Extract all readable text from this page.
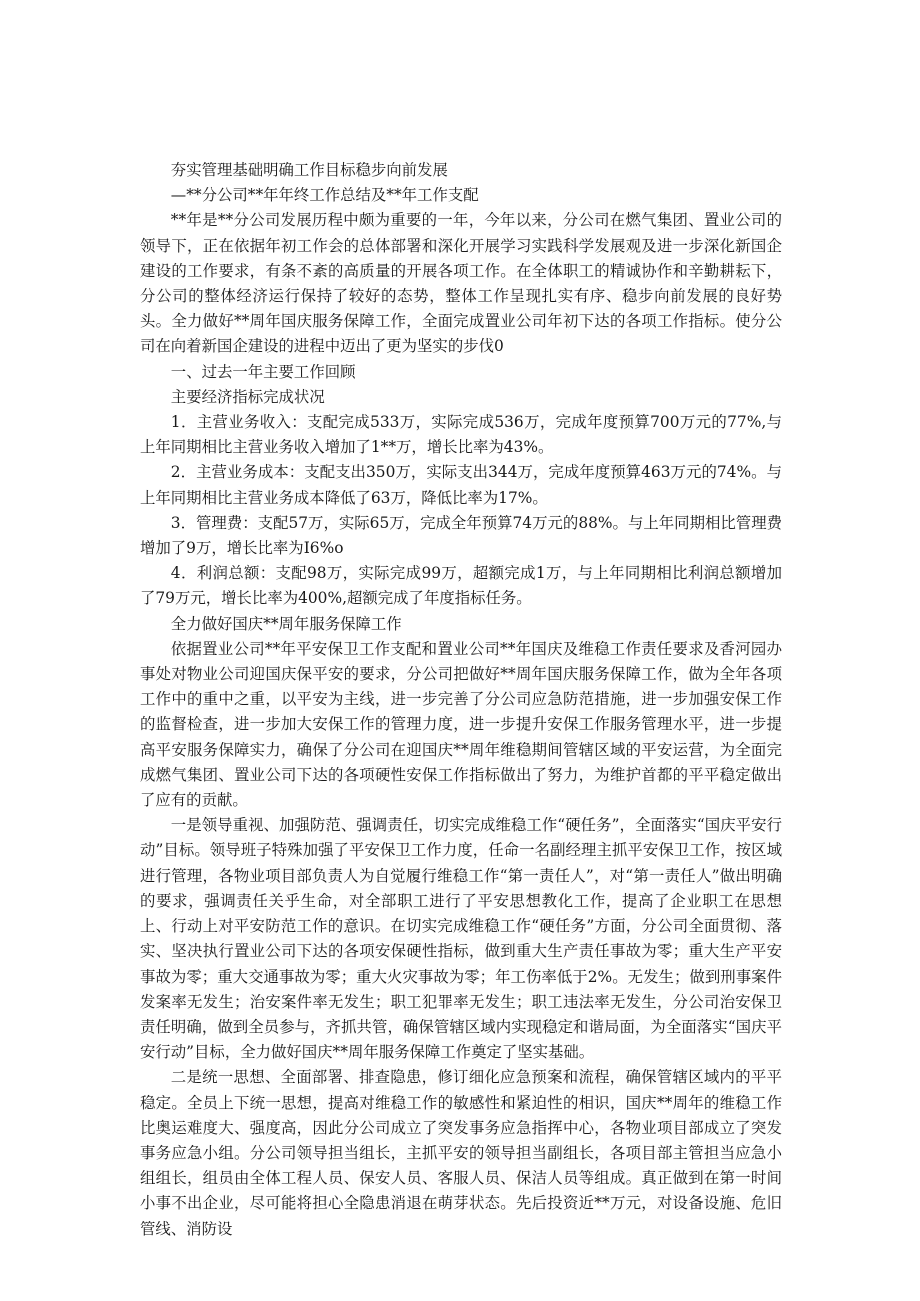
夯实管理基础明确工作目标稳步向前发展

—**分公司**年年终工作总结及**年工作支配

**年是**分公司发展历程中颇为重要的一年，今年以来，分公司在燃气集团、置业公司的领导下，正在依据年初工作会的总体部署和深化开展学习实践科学发展观及进一步深化新国企建设的工作要求，有条不紊的高质量的开展各项工作。在全体职工的精诚协作和辛勤耕耘下，分公司的整体经济运行保持了较好的态势，整体工作呈现扎实有序、稳步向前发展的良好势头。全力做好**周年国庆服务保障工作，全面完成置业公司年初下达的各项工作指标。使分公司在向着新国企建设的进程中迈出了更为坚实的步伐0

一、过去一年主要工作回顾

主要经济指标完成状况

1．主营业务收入：支配完成533万，实际完成536万，完成年度预算700万元的77%,与上年同期相比主营业务收入增加了1**万，增长比率为43%。

2．主营业务成本：支配支出350万，实际支出344万，完成年度预算463万元的74%。与上年同期相比主营业务成本降低了63万，降低比率为17%。

3．管理费：支配57万，实际65万，完成全年预算74万元的88%。与上年同期相比管理费增加了9万，增长比率为I6%o

4．利润总额：支配98万，实际完成99万，超额完成1万，与上年同期相比利润总额增加了79万元，增长比率为400%,超额完成了年度指标任务。

全力做好国庆**周年服务保障工作

依据置业公司**年平安保卫工作支配和置业公司**年国庆及维稳工作责任要求及香河园办事处对物业公司迎国庆保平安的要求，分公司把做好**周年国庆服务保障工作，做为全年各项工作中的重中之重，以平安为主线，进一步完善了分公司应急防范措施，进一步加强安保工作的监督检查，进一步加大安保工作的管理力度，进一步提升安保工作服务管理水平，进一步提高平安服务保障实力，确保了分公司在迎国庆**周年维稳期间管辖区域的平安运营，为全面完成燃气集团、置业公司下达的各项硬性安保工作指标做出了努力，为维护首都的平平稳定做出了应有的贡献。

一是领导重视、加强防范、强调责任，切实完成维稳工作“硬任务”，全面落实“国庆平安行动”目标。领导班子特殊加强了平安保卫工作力度，任命一名副经理主抓平安保卫工作，按区域进行管理，各物业项目部负责人为自觉履行维稳工作“第一责任人”，对“第一责任人”做出明确的要求，强调责任关乎生命，对全部职工进行了平安思想教化工作，提高了企业职工在思想上、行动上对平安防范工作的意识。在切实完成维稳工作“硬任务”方面，分公司全面贯彻、落实、坚决执行置业公司下达的各项安保硬性指标，做到重大生产责任事故为零；重大生产平安事故为零；重大交通事故为零；重大火灾事故为零；年工伤率低于2%。无发生；做到刑事案件发案率无发生；治安案件率无发生；职工犯罪率无发生；职工违法率无发生，分公司治安保卫责任明确，做到全员参与，齐抓共管，确保管辖区域内实现稳定和谐局面，为全面落实“国庆平安行动”目标，全力做好国庆**周年服务保障工作奠定了坚实基础。

二是统一思想、全面部署、排查隐患，修订细化应急预案和流程，确保管辖区域内的平平稳定。全员上下统一思想，提高对维稳工作的敏感性和紧迫性的相识，国庆**周年的维稳工作比奥运难度大、强度高，因此分公司成立了突发事务应急指挥中心，各物业项目部成立了突发事务应急小组。分公司领导担当组长，主抓平安的领导担当副组长，各项目部主管担当应急小组组长，组员由全体工程人员、保安人员、客服人员、保洁人员等组成。真正做到在第一时间小事不出企业，尽可能将担心全隐患消退在萌芽状态。先后投资近**万元，对设备设施、危旧管线、消防设
